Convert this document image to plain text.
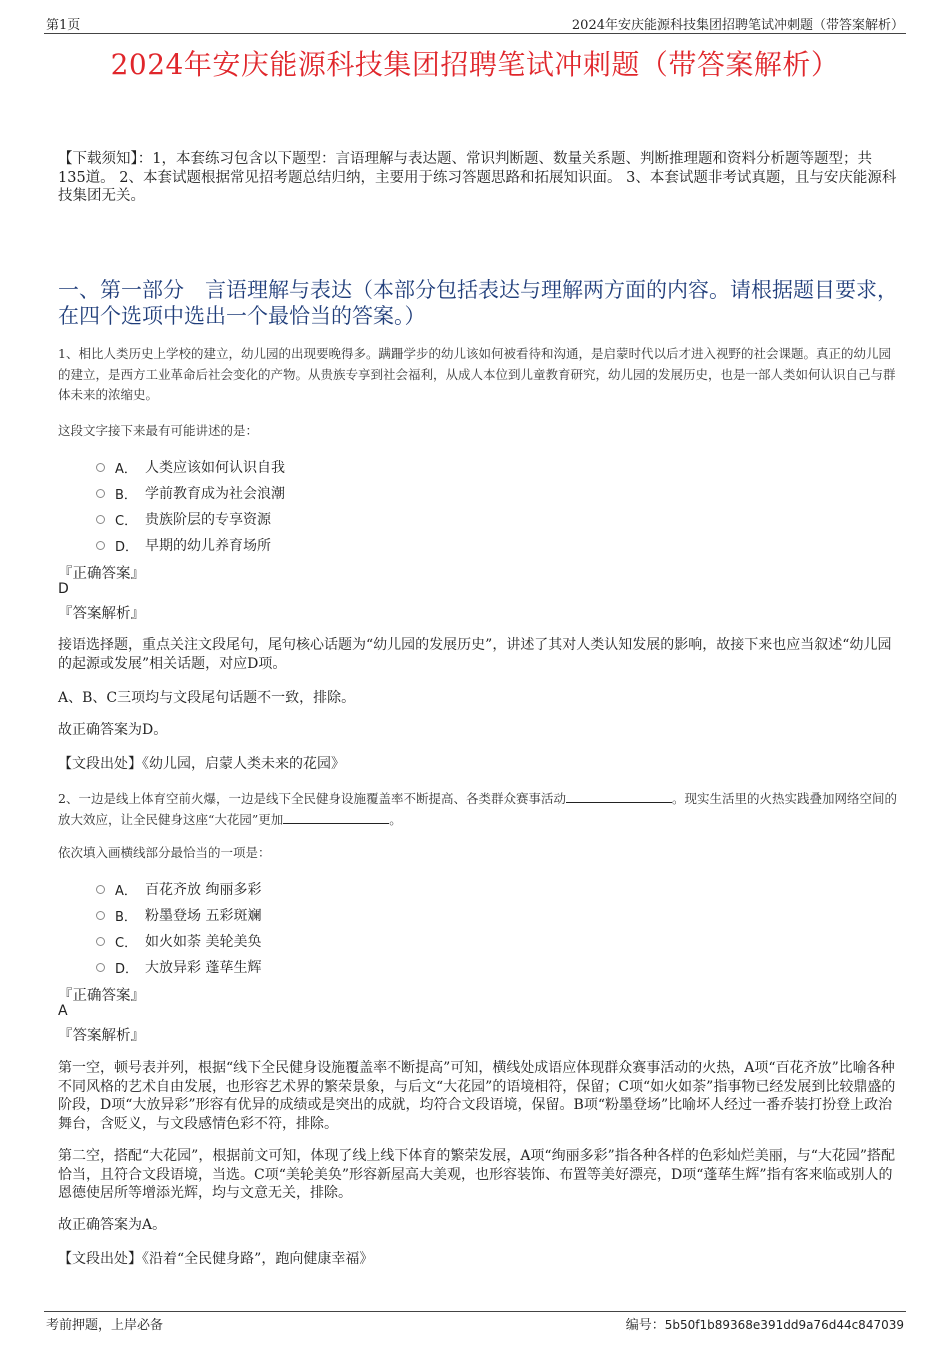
第1页	2024年安庆能源科技集团招聘笔试冲刺题（带答案解析）
2024年安庆能源科技集团招聘笔试冲刺题（带答案解析）
【下载须知】：1，本套练习包含以下题型：言语理解与表达题、常识判断题、数量关系题、判断推理题和资料分析题等题型；共135道。 2、本套试题根据常见招考题总结归纳，主要用于练习答题思路和拓展知识面。 3、本套试题非考试真题，且与安庆能源科技集团无关。
一、第一部分　言语理解与表达（本部分包括表达与理解两方面的内容。请根据题目要求，在四个选项中选出一个最恰当的答案。）
1、相比人类历史上学校的建立，幼儿园的出现要晚得多。蹒跚学步的幼儿该如何被看待和沟通，是启蒙时代以后才进入视野的社会课题。真正的幼儿园的建立，是西方工业革命后社会变化的产物。从贵族专享到社会福利，从成人本位到儿童教育研究，幼儿园的发展历史，也是一部人类如何认识自己与群体未来的浓缩史。
这段文字接下来最有可能讲述的是：
A． 人类应该如何认识自我
B． 学前教育成为社会浪潮
C． 贵族阶层的专享资源
D． 早期的幼儿养育场所
『正确答案』
D
『答案解析』
接语选择题，重点关注文段尾句，尾句核心话题为“幼儿园的发展历史”，讲述了其对人类认知发展的影响，故接下来也应当叙述“幼儿园的起源或发展”相关话题，对应D项。
A、B、C三项均与文段尾句话题不一致，排除。
故正确答案为D。
【文段出处】《幼儿园，启蒙人类未来的花园》
2、一边是线上体育空前火爆，一边是线下全民健身设施覆盖率不断提高、各类群众赛事活动	。现实生活里的火热实践叠加网络空间的放大效应，让全民健身这座“大花园”更加	。
依次填入画横线部分最恰当的一项是：
A． 百花齐放 绚丽多彩
B． 粉墨登场 五彩斑斓
C． 如火如荼 美轮美奂
D． 大放异彩 蓬荜生辉
『正确答案』
A
『答案解析』
第一空，顿号表并列，根据“线下全民健身设施覆盖率不断提高”可知，横线处成语应体现群众赛事活动的火热，A项“百花齐放”比喻各种不同风格的艺术自由发展，也形容艺术界的繁荣景象，与后文“大花园”的语境相符，保留；C项“如火如荼”指事物已经发展到比较鼎盛的阶段，D项“大放异彩”形容有优异的成绩或是突出的成就，均符合文段语境，保留。B项“粉墨登场”比喻坏人经过一番乔装打扮登上政治舞台，含贬义，与文段感情色彩不符，排除。
第二空，搭配“大花园”，根据前文可知，体现了线上线下体育的繁荣发展，A项“绚丽多彩”指各种各样的色彩灿烂美丽，与“大花园”搭配恰当，且符合文段语境，当选。C项“美轮美奂”形容新屋高大美观，也形容装饰、布置等美好漂亮，D项“蓬荜生辉”指有客来临或别人的恩德使居所等增添光辉，均与文意无关，排除。
故正确答案为A。
【文段出处】《沿着“全民健身路”，跑向健康幸福》
考前押题，上岸必备	编号：5b50f1b89368e391dd9a76d44c847039
